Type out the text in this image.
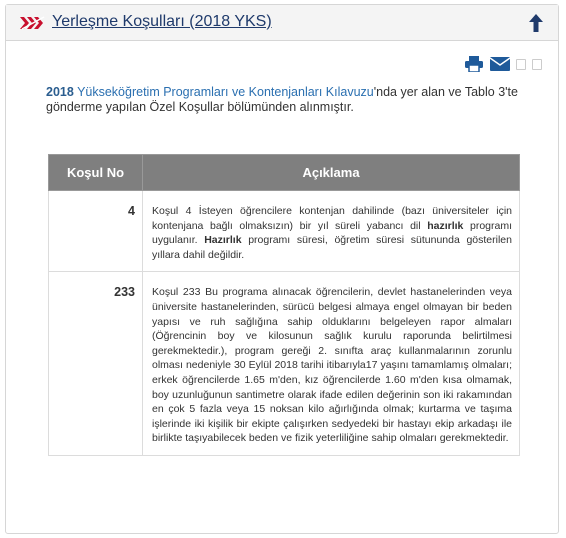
Yerleşme Koşulları (2018 YKS)

2018 Yükseköğretim Programları ve Kontenjanları Kılavuzu'nda yer alan ve Tablo 3'te gönderme yapılan Özel Koşullar bölümünden alınmıştır.

Koşul No	Açıklama
4	Koşul 4 İsteyen öğrencilere kontenjan dahilinde (bazı üniversiteler için kontenjana bağlı olmaksızın) bir yıl süreli yabancı dil hazırlık programı uygulanır. Hazırlık programı süresi, öğretim süresi sütununda gösterilen yıllara dahil değildir.
233	Koşul 233 Bu programa alınacak öğrencilerin, devlet hastanelerinden veya üniversite hastanelerinden, sürücü belgesi almaya engel olmayan bir beden yapısı ve ruh sağlığına sahip olduklarını belgeleyen rapor almaları (Öğrencinin boy ve kilosunun sağlık kurulu raporunda belirtilmesi gerekmektedir.), program gereği 2. sınıfta araç kullanmalarının zorunlu olması nedeniyle 30 Eylül 2018 tarihi itibarıyla17 yaşını tamamlamış olmaları; erkek öğrencilerde 1.65 m'den, kız öğrencilerde 1.60 m'den kısa olmamak, boy uzunluğunun santimetre olarak ifade edilen değerinin son iki rakamından en çok 5 fazla veya 15 noksan kilo ağırlığında olmak; kurtarma ve taşıma işlerinde iki kişilik bir ekipte çalışırken sedyedeki bir hastayı ekip arkadaşı ile birlikte taşıyabilecek beden ve fizik yeterliliğine sahip olmaları gerekmektedir.
